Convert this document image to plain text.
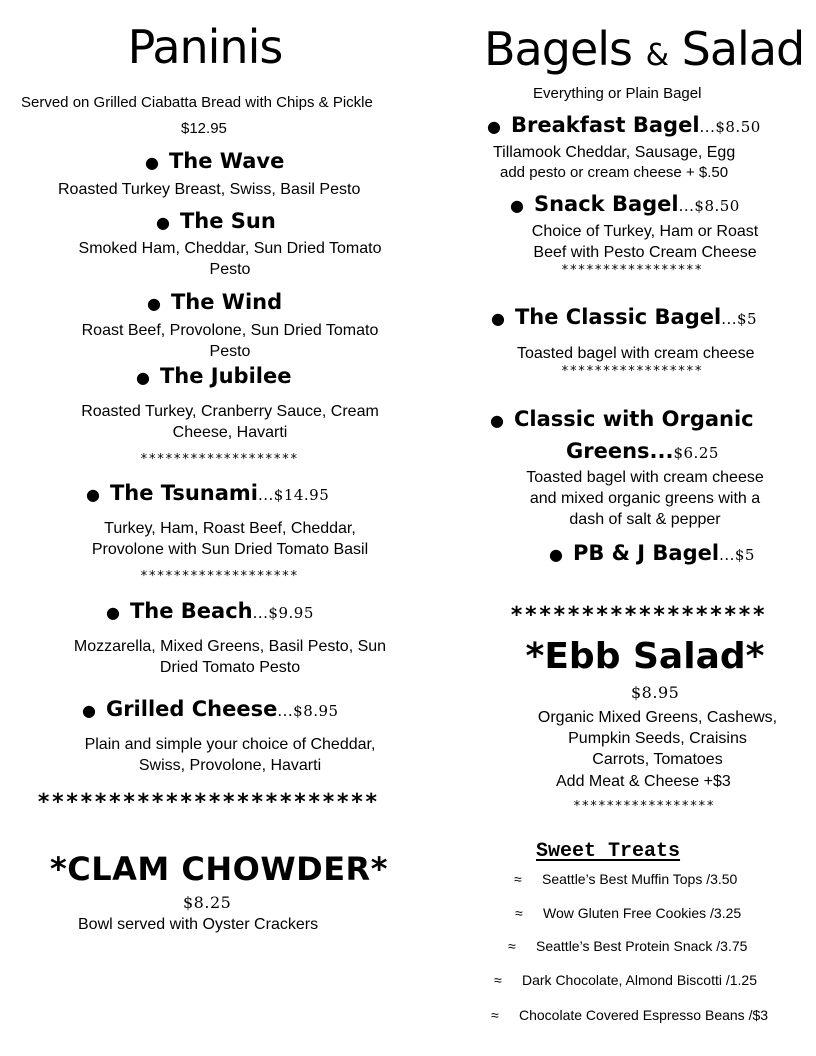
Paninis
Served on Grilled Ciabatta Bread with Chips & Pickle
$12.95
● The Wave
Roasted Turkey Breast, Swiss, Basil Pesto
● The Sun
Smoked Ham, Cheddar, Sun Dried Tomato
Pesto
● The Wind
Roast Beef, Provolone, Sun Dried Tomato
Pesto
● The Jubilee
Roasted Turkey, Cranberry Sauce, Cream
Cheese, Havarti
*******************
● The Tsunami...$14.95
Turkey, Ham, Roast Beef, Cheddar,
Provolone with Sun Dried Tomato Basil
*******************
● The Beach...$9.95
Mozzarella, Mixed Greens, Basil Pesto, Sun
Dried Tomato Pesto
● Grilled Cheese...$8.95
Plain and simple your choice of Cheddar,
Swiss, Provolone, Havarti
************************
*CLAM CHOWDER*
$8.25
Bowl served with Oyster Crackers
Bagels & Salad
Everything or Plain Bagel
● Breakfast Bagel...$8.50
Tillamook Cheddar, Sausage, Egg
add pesto or cream cheese + $.50
● Snack Bagel...$8.50
Choice of Turkey, Ham or Roast
Beef with Pesto Cream Cheese
*****************
● The Classic Bagel...$5
Toasted bagel with cream cheese
*****************
● Classic with Organic
Greens...$6.25
Toasted bagel with cream cheese
and mixed organic greens with a
dash of salt & pepper
● PB & J Bagel...$5
******************
*Ebb Salad*
$8.95
Organic Mixed Greens, Cashews,
Pumpkin Seeds, Craisins
Carrots, Tomatoes
Add Meat & Cheese +$3
*****************
Sweet Treats
≈ Seattle’s Best Muffin Tops /3.50
≈ Wow Gluten Free Cookies /3.25
≈ Seattle’s Best Protein Snack /3.75
≈ Dark Chocolate, Almond Biscotti /1.25
≈ Chocolate Covered Espresso Beans /$3
